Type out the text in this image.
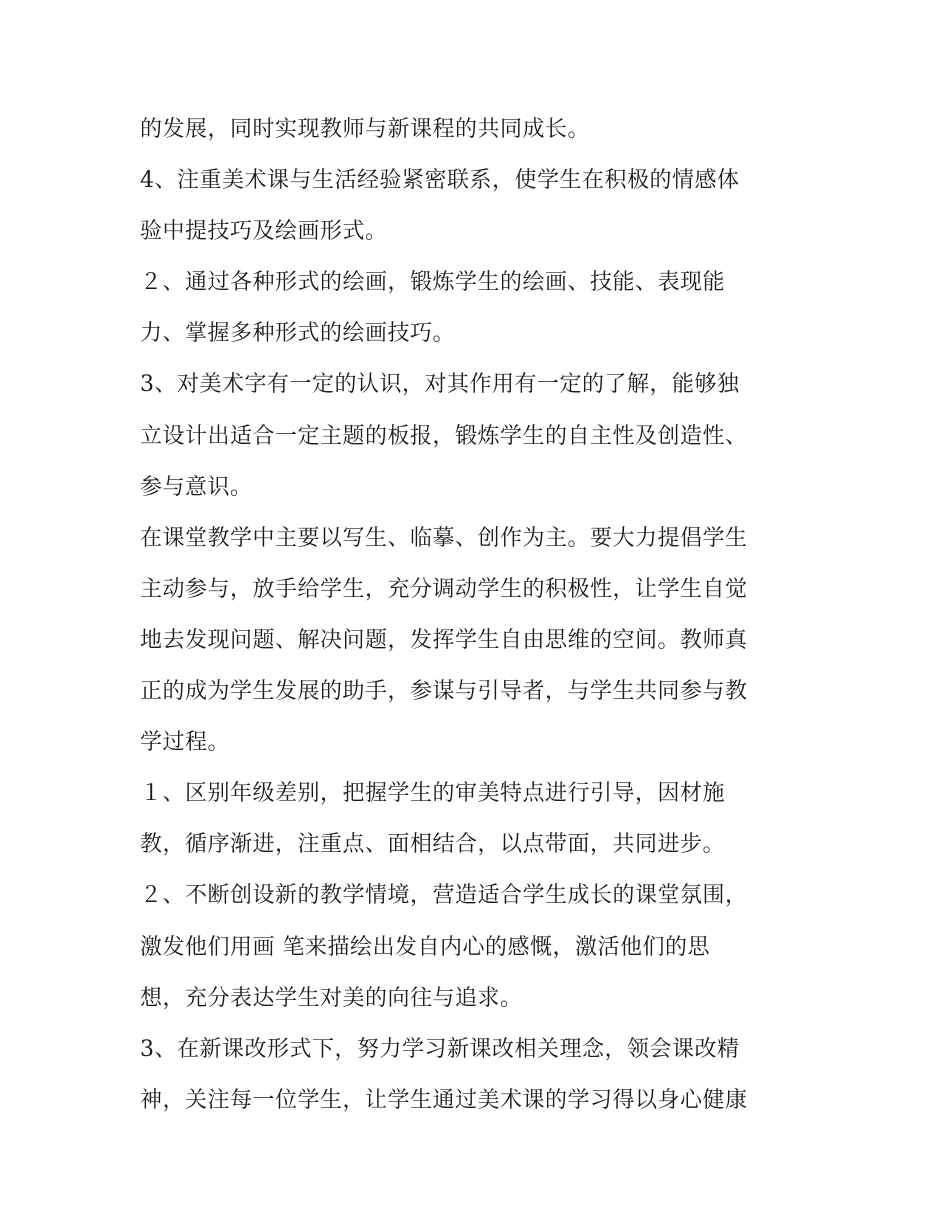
的发展，同时实现教师与新课程的共同成长。
4、注重美术课与生活经验紧密联系，使学生在积极的情感体
验中提技巧及绘画形式。
２、通过各种形式的绘画，锻炼学生的绘画、技能、表现能
力、掌握多种形式的绘画技巧。
3、对美术字有一定的认识，对其作用有一定的了解，能够独
立设计出适合一定主题的板报，锻炼学生的自主性及创造性、
参与意识。
在课堂教学中主要以写生、临摹、创作为主。要大力提倡学生
主动参与，放手给学生，充分调动学生的积极性，让学生自觉
地去发现问题、解决问题，发挥学生自由思维的空间。教师真
正的成为学生发展的助手，参谋与引导者，与学生共同参与教
学过程。
１、区别年级差别，把握学生的审美特点进行引导，因材施
教，循序渐进，注重点、面相结合，以点带面，共同进步。
２、不断创设新的教学情境，营造适合学生成长的课堂氛围，
激发他们用画 笔来描绘出发自内心的感慨，激活他们的思
想，充分表达学生对美的向往与追求。
3、在新课改形式下，努力学习新课改相关理念，领会课改精
神，关注每一位学生，让学生通过美术课的学习得以身心健康
